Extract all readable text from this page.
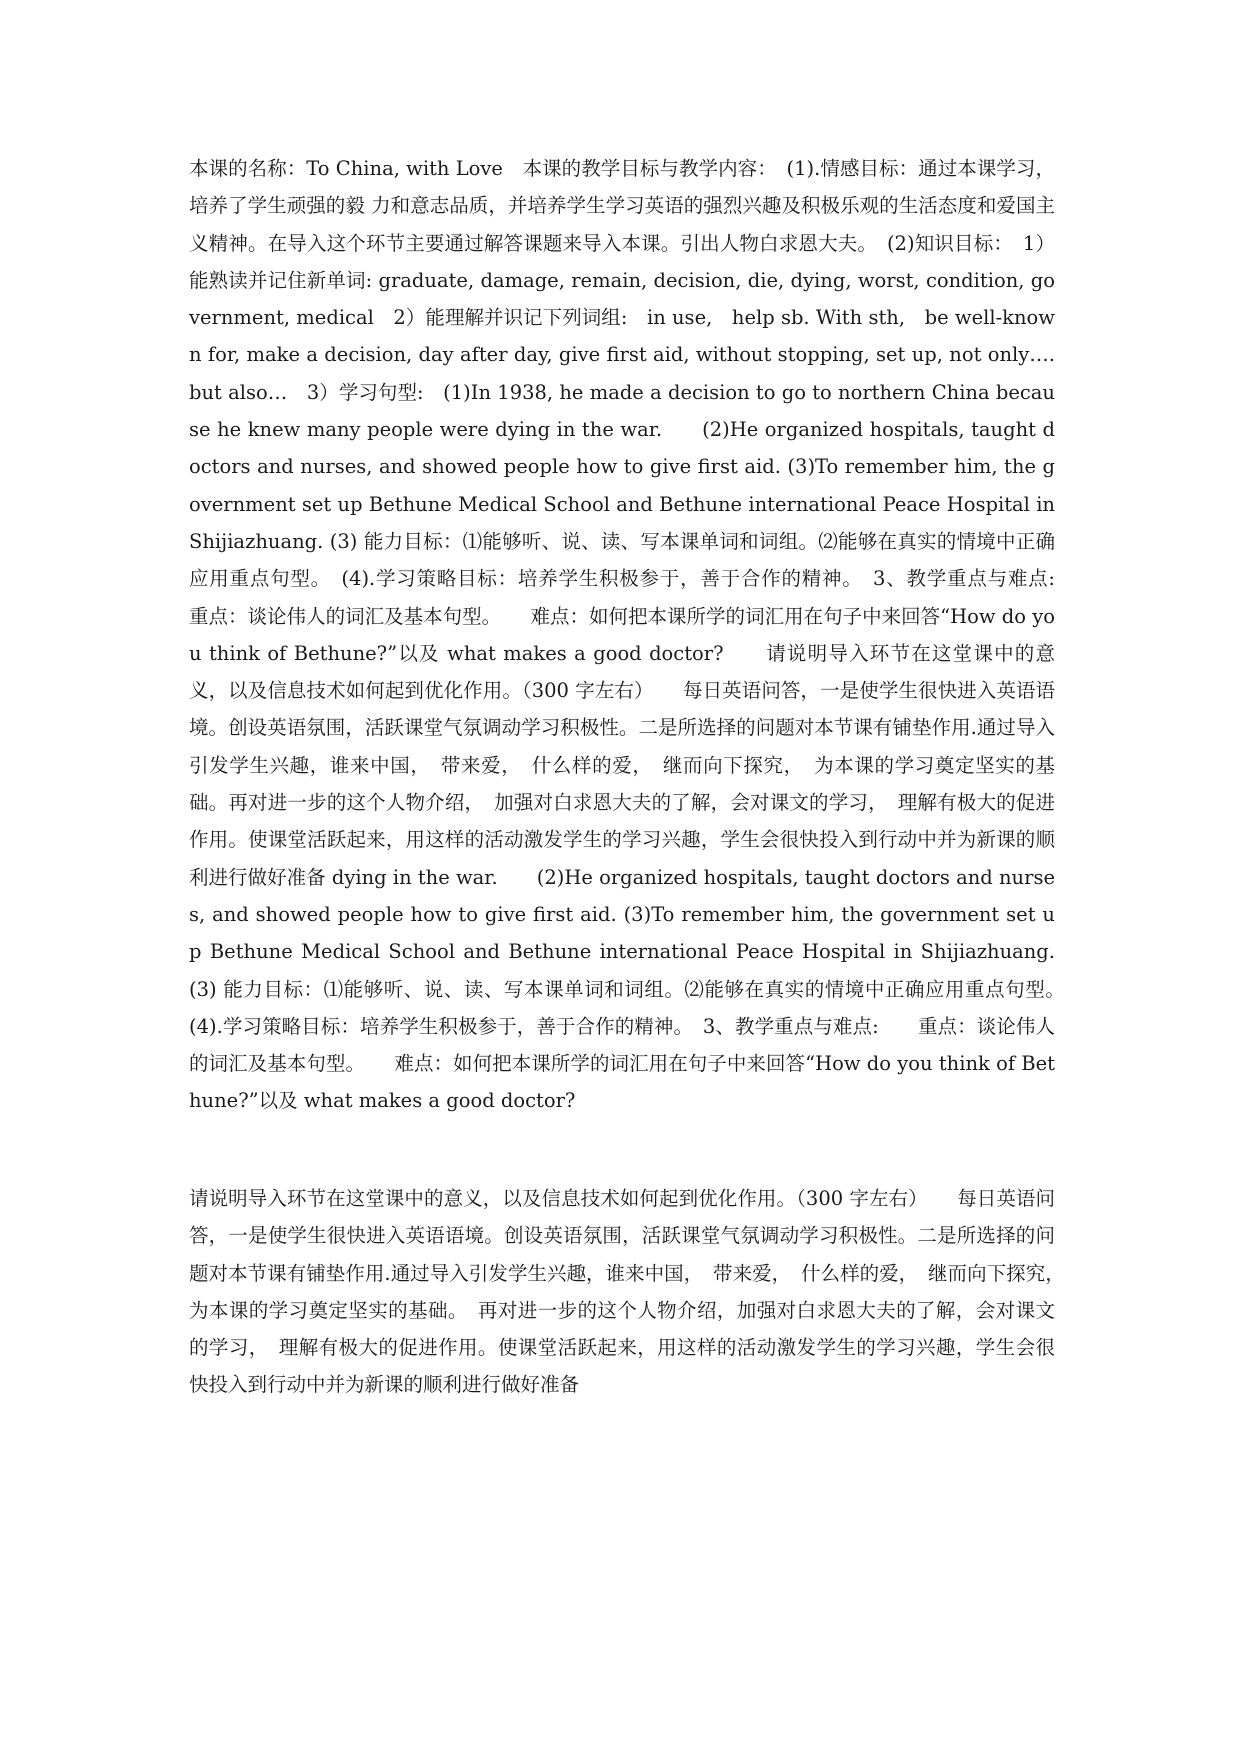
本课的名称：To China, with Love　本课的教学目标与教学内容：　(1).情感目标：通过本课学习，培养了学生顽强的毅 力和意志品质，并培养学生学习英语的强烈兴趣及积极乐观的生活态度和爱国主义精神。在导入这个环节主要通过解答课题来导入本课。引出人物白求恩大夫。　(2)知识目标：　1）能熟读并记住新单词: graduate, damage, remain, decision, die, dying, worst, condition, government, medical　2）能理解并识记下列词组:　in use,　help sb. With sth,　be well-known for, make a decision, day after day, give first aid, without stopping, set up, not only…. but also…　3）学习句型:　(1)In 1938, he made a decision to go to northern China because he knew many people were dying in the war.　　(2)He organized hospitals, taught doctors and nurses, and showed people how to give first aid. (3)To remember him, the government set up Bethune Medical School and Bethune international Peace Hospital in Shijiazhuang. (3) 能力目标：⑴能够听、说、读、写本课单词和词组。⑵能够在真实的情境中正确应用重点句型。　(4).学习策略目标：培养学生积极参于，善于合作的精神。　3、教学重点与难点:　　重点：谈论伟人的词汇及基本句型。　　难点：如何把本课所学的词汇用在句子中来回答“How do you think of Bethune?”以及 what makes a good doctor?　　请说明导入环节在这堂课中的意义，以及信息技术如何起到优化作用。（300 字左右）　　每日英语问答，一是使学生很快进入英语语境。创设英语氛围，活跃课堂气氛调动学习积极性。二是所选择的问题对本节课有铺垫作用.通过导入引发学生兴趣，谁来中国，　带来爱，　什么样的爱，　继而向下探究，　为本课的学习奠定坚实的基础。再对进一步的这个人物介绍，　加强对白求恩大夫的了解，会对课文的学习，　理解有极大的促进作用。使课堂活跃起来，用这样的活动激发学生的学习兴趣，学生会很快投入到行动中并为新课的顺利进行做好准备 dying in the war.　　(2)He organized hospitals, taught doctors and nurses, and showed people how to give first aid. (3)To remember him, the government set up Bethune Medical School and Bethune international Peace Hospital in Shijiazhuang. (3) 能力目标：⑴能够听、说、读、写本课单词和词组。⑵能够在真实的情境中正确应用重点句型。　(4).学习策略目标：培养学生积极参于，善于合作的精神。　3、教学重点与难点:　　重点：谈论伟人的词汇及基本句型。　　难点：如何把本课所学的词汇用在句子中来回答“How do you think of Bethune?”以及 what makes a good doctor?

请说明导入环节在这堂课中的意义，以及信息技术如何起到优化作用。（300 字左右）　　每日英语问答，一是使学生很快进入英语语境。创设英语氛围，活跃课堂气氛调动学习积极性。二是所选择的问题对本节课有铺垫作用.通过导入引发学生兴趣，谁来中国，　带来爱，　什么样的爱，　继而向下探究，　为本课的学习奠定坚实的基础。　再对进一步的这个人物介绍，加强对白求恩大夫的了解，会对课文的学习，　理解有极大的促进作用。使课堂活跃起来，用这样的活动激发学生的学习兴趣，学生会很快投入到行动中并为新课的顺利进行做好准备
